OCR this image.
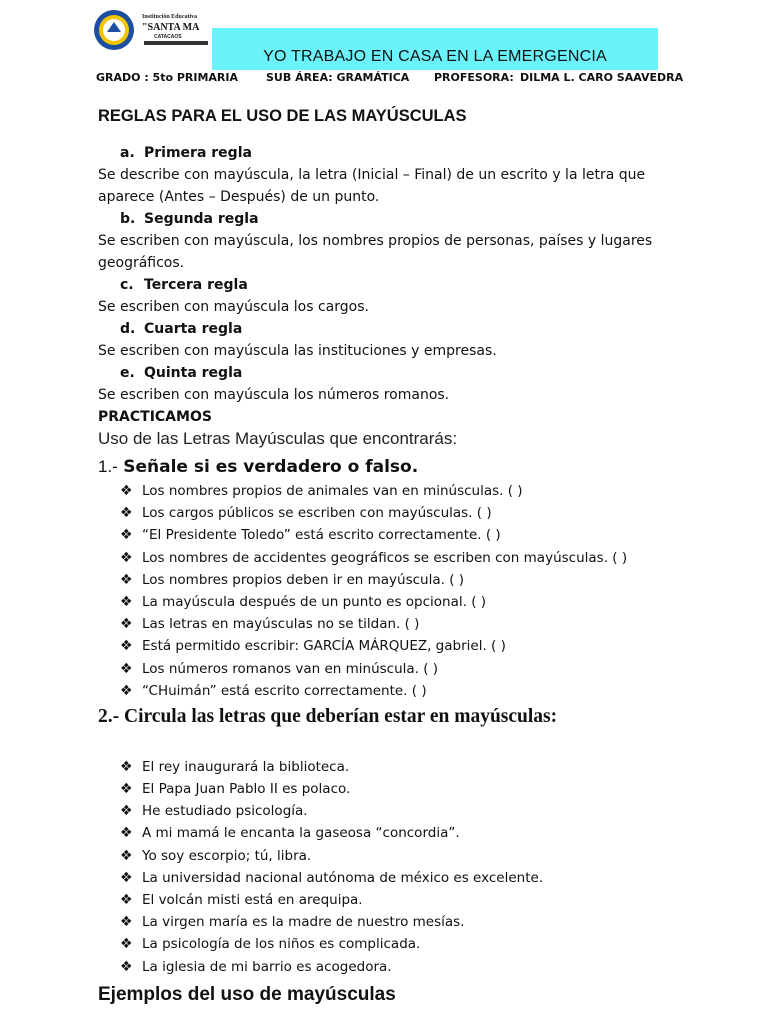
Institución Educativa
"SANTA MA
CATACAOS
YO TRABAJO EN CASA EN LA EMERGENCIA
GRADO : 5to PRIMARIA	SUB ÁREA: GRAMÁTICA PROFESORA: DILMA L. CARO SAAVEDRA
REGLAS PARA EL USO DE LAS MAYÚSCULAS

a. Primera regla

Se describe con mayúscula, la letra (Inicial – Final) de un escrito y la letra que

aparece (Antes – Después) de un punto.

b. Segunda regla

Se escriben con mayúscula, los nombres propios de personas, países y lugares

geográficos.

c. Tercera regla

Se escriben con mayúscula los cargos.

d. Cuarta regla

Se escriben con mayúscula las instituciones y empresas.

e. Quinta regla

Se escriben con mayúscula los números romanos.

PRACTICAMOS

Uso de las Letras Mayúsculas que encontrarás:

1.- Señale si es verdadero o falso.

❖ Los nombres propios de animales van en minúsculas. ( )
❖ Los cargos públicos se escriben con mayúsculas. ( )
❖ “El Presidente Toledo” está escrito correctamente. ( )
❖ Los nombres de accidentes geográficos se escriben con mayúsculas. ( )
❖ Los nombres propios deben ir en mayúscula. ( )
❖ La mayúscula después de un punto es opcional. ( )
❖ Las letras en mayúsculas no se tildan. ( )
❖ Está permitido escribir: GARCÍA MÁRQUEZ, gabriel. ( )
❖ Los números romanos van en minúscula. ( )
❖ “CHuimán” está escrito correctamente. ( )

2.- Circula las letras que deberían estar en mayúsculas:

❖ El rey inaugurará la biblioteca.
❖ El Papa Juan Pablo II es polaco.
❖ He estudiado psicología.
❖ A mi mamá le encanta la gaseosa “concordia”.
❖ Yo soy escorpio; tú, libra.
❖ La universidad nacional autónoma de méxico es excelente.
❖ El volcán misti está en arequipa.
❖ La virgen maría es la madre de nuestro mesías.
❖ La psicología de los niños es complicada.
❖ La iglesia de mi barrio es acogedora.

Ejemplos del uso de mayúsculas
